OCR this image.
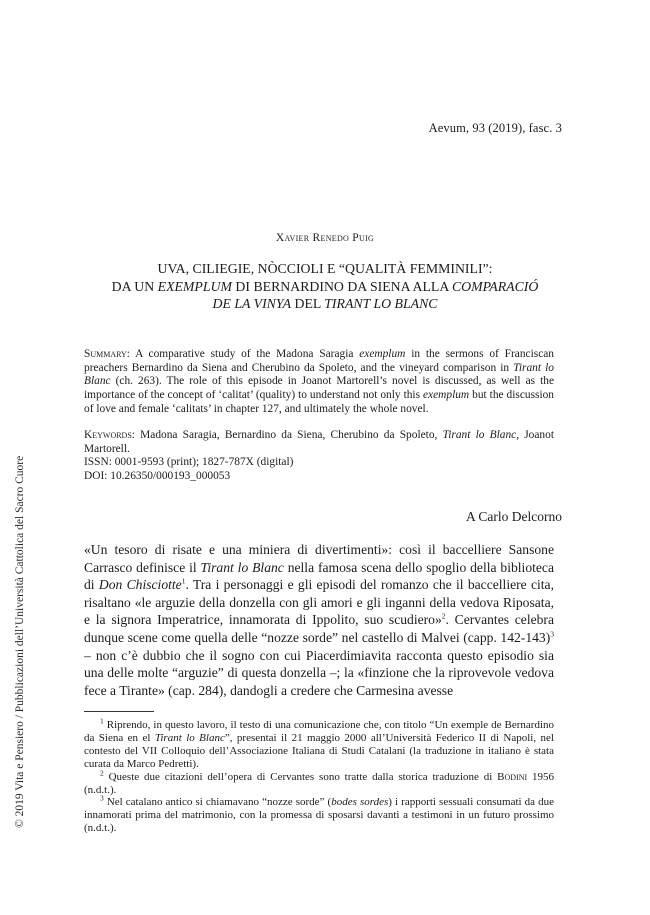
Aevum, 93 (2019), fasc. 3
© 2019 Vita e Pensiero / Pubblicazioni dell’Università Cattolica del Sacro Cuore
Xavier Renedo Puig
UVA, CILIEGIE, NÒCCIOLI E “QUALITÀ FEMMINILI”:
DA UN EXEMPLUM DI BERNARDINO DA SIENA ALLA COMPARACIÓ
DE LA VINYA DEL TIRANT LO BLANC
Summary: A comparative study of the Madona Saragia exemplum in the sermons of Franciscan preachers Bernardino da Siena and Cherubino da Spoleto, and the vineyard comparison in Tirant lo Blanc (ch. 263). The role of this episode in Joanot Martorell’s novel is discussed, as well as the importance of the concept of ‘calitat’ (quality) to understand not only this exemplum but the discussion of love and female ‘calitats’ in chapter 127, and ultimately the whole novel.
Keywords: Madona Saragia, Bernardino da Siena, Cherubino da Spoleto, Tirant lo Blanc, Joanot Martorell.
ISSN: 0001-9593 (print); 1827-787X (digital)
DOI: 10.26350/000193_000053
A Carlo Delcorno
«Un tesoro di risate e una miniera di divertimenti»: così il baccelliere Sansone Carrasco definisce il Tirant lo Blanc nella famosa scena dello spoglio della biblioteca di Don Chisciotte$^1$. Tra i personaggi e gli episodi del romanzo che il baccelliere cita, risaltano «le arguzie della donzella con gli amori e gli inganni della vedova Riposata, e la signora Imperatrice, innamorata di Ippolito, suo scudiero»$^2$. Cervantes celebra dunque scene come quella delle “nozze sorde” nel castello di Malvei (capp. 142-143)$^3$ – non c’è dubbio che il sogno con cui Piacerdimiavita racconta questo episodio sia una delle molte “arguzie” di questa donzella –; la «finzione che la riprovevole vedova fece a Tirante» (cap. 284), dandogli a credere che Carmesina avesse

$^1$ Riprendo, in questo lavoro, il testo di una comunicazione che, con titolo “Un exemple de Bernardino da Siena en el Tirant lo Blanc”, presentai il 21 maggio 2000 all’Università Federico II di Napoli, nel contesto del VII Colloquio dell’Associazione Italiana di Studi Catalani (la traduzione in italiano è stata curata da Marco Pedretti).

$^2$ Queste due citazioni dell’opera di Cervantes sono tratte dalla storica traduzione di Bodini 1956 (n.d.t.).

$^3$ Nel catalano antico si chiamavano “nozze sorde” (bodes sordes) i rapporti sessuali consumati da due innamorati prima del matrimonio, con la promessa di sposarsi davanti a testimoni in un futuro prossimo (n.d.t.).
